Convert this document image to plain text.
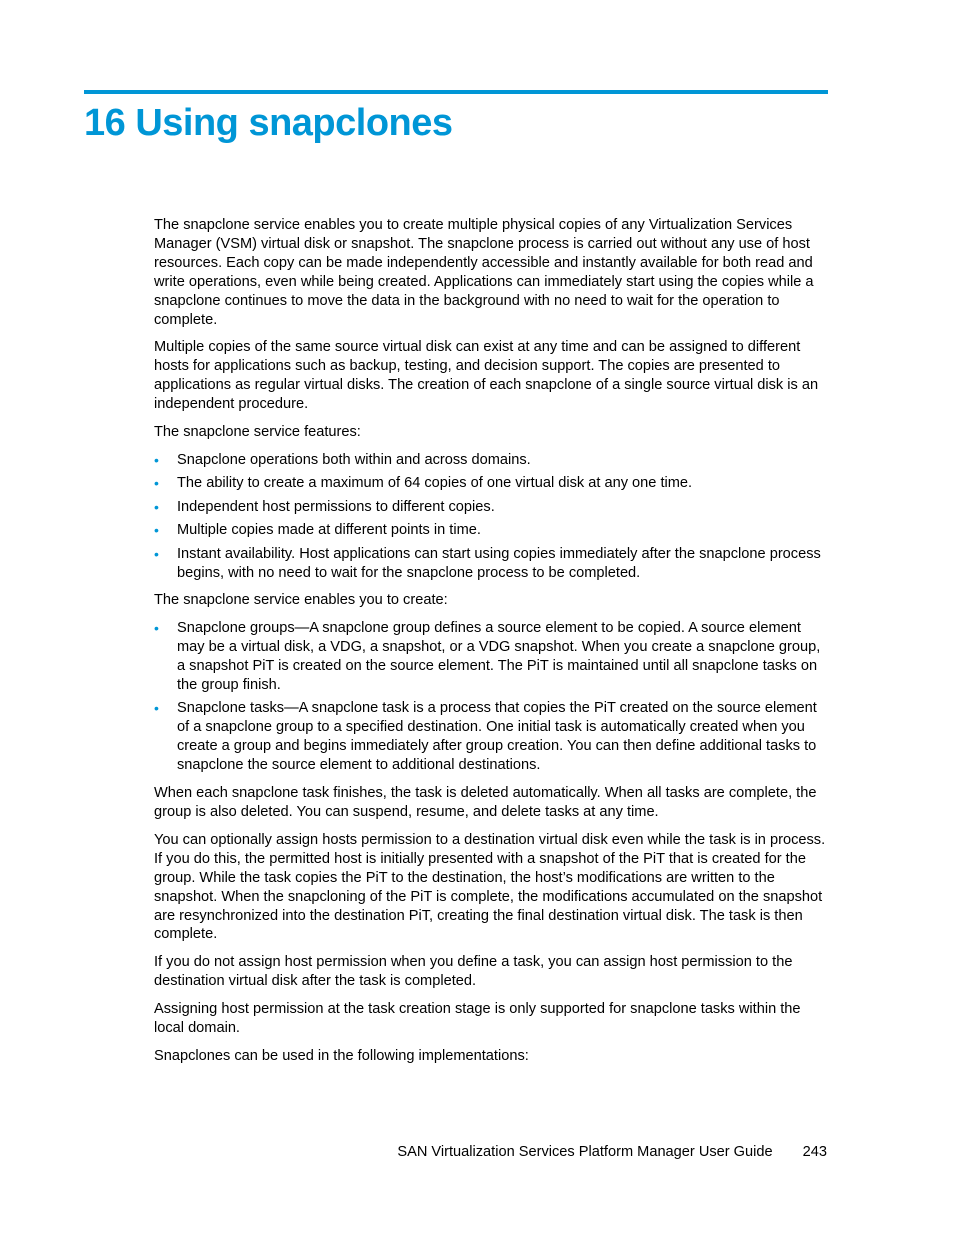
16 Using snapclones

The snapclone service enables you to create multiple physical copies of any Virtualization Services Manager (VSM) virtual disk or snapshot. The snapclone process is carried out without any use of host resources. Each copy can be made independently accessible and instantly available for both read and write operations, even while being created. Applications can immediately start using the copies while a snapclone continues to move the data in the background with no need to wait for the operation to complete.

Multiple copies of the same source virtual disk can exist at any time and can be assigned to different hosts for applications such as backup, testing, and decision support. The copies are presented to applications as regular virtual disks. The creation of each snapclone of a single source virtual disk is an independent procedure.

The snapclone service features:

• Snapclone operations both within and across domains.
• The ability to create a maximum of 64 copies of one virtual disk at any one time.
• Independent host permissions to different copies.
• Multiple copies made at different points in time.
• Instant availability. Host applications can start using copies immediately after the snapclone process begins, with no need to wait for the snapclone process to be completed.

The snapclone service enables you to create:

• Snapclone groups—A snapclone group defines a source element to be copied. A source element may be a virtual disk, a VDG, a snapshot, or a VDG snapshot. When you create a snapclone group, a snapshot PiT is created on the source element. The PiT is maintained until all snapclone tasks on the group finish.
• Snapclone tasks—A snapclone task is a process that copies the PiT created on the source element of a snapclone group to a specified destination. One initial task is automatically created when you create a group and begins immediately after group creation. You can then define additional tasks to snapclone the source element to additional destinations.

When each snapclone task finishes, the task is deleted automatically. When all tasks are complete, the group is also deleted. You can suspend, resume, and delete tasks at any time.

You can optionally assign hosts permission to a destination virtual disk even while the task is in process. If you do this, the permitted host is initially presented with a snapshot of the PiT that is created for the group. While the task copies the PiT to the destination, the host’s modifications are written to the snapshot. When the snapcloning of the PiT is complete, the modifications accumulated on the snapshot are resynchronized into the destination PiT, creating the final destination virtual disk. The task is then complete.

If you do not assign host permission when you define a task, you can assign host permission to the destination virtual disk after the task is completed.

Assigning host permission at the task creation stage is only supported for snapclone tasks within the local domain.

Snapclones can be used in the following implementations:

SAN Virtualization Services Platform Manager User Guide 243
